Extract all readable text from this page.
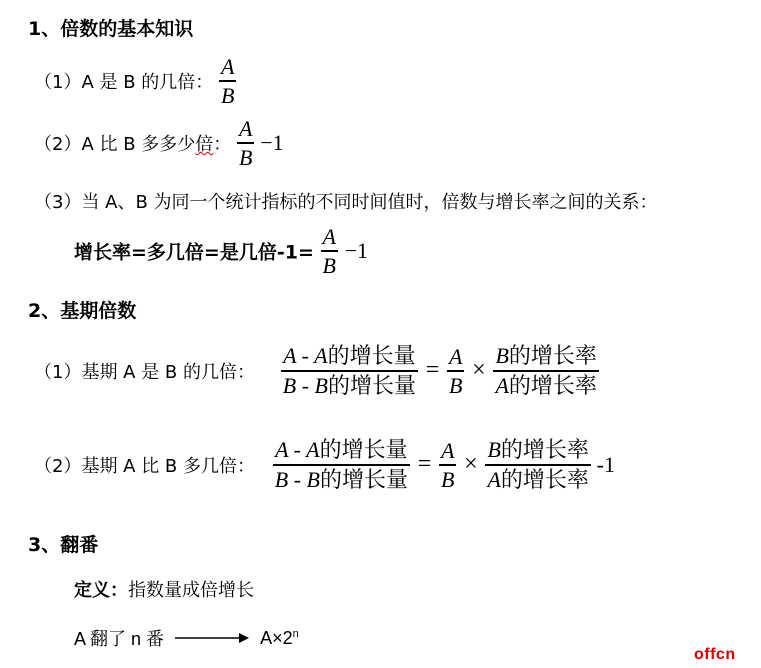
1、倍数的基本知识
（1）A 是 B 的几倍： $\frac{A}{B}$
（2）A 比 B 多多少倍： $\frac{A}{B} -1$
（3）当 A、B 为同一个统计指标的不同时间值时，倍数与增长率之间的关系：
增长率=多几倍=是几倍$-1= \frac{A}{B} -1$
2、基期倍数
（1）基期 A 是 B 的几倍： $\frac{\text{A - A的增长量}}{\text{B - B的增长量}} = \frac{A}{B} \times \frac{\text{B的增长率}}{\text{A的增长率}}$
（2）基期 A 比 B 多几倍： $\frac{\text{A - A的增长量}}{\text{B - B的增长量}} = \frac{A}{B} \times \frac{\text{B的增长率}}{\text{A的增长率}} -1$
3、翻番
定义：指数量成倍增长
A 翻了 n 番	$A\times 2^n$
offcn
